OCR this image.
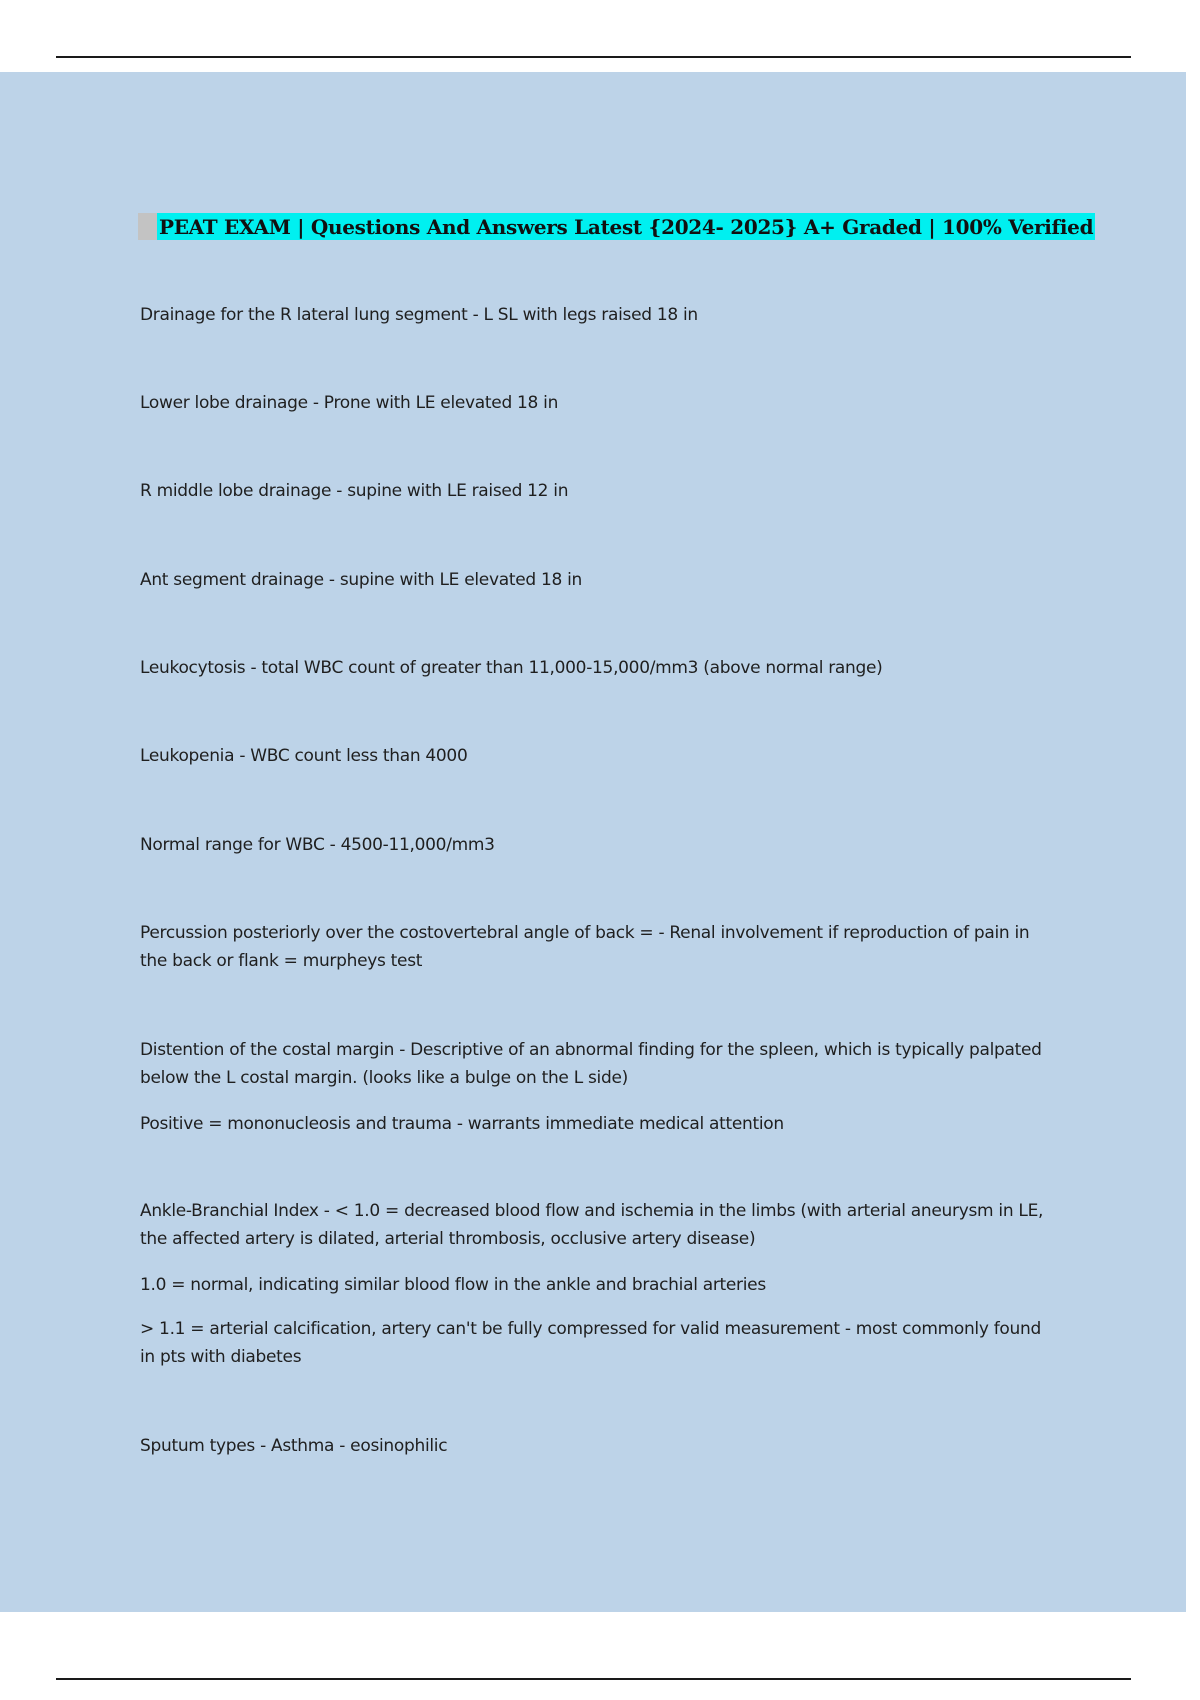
PEAT EXAM | Questions And Answers Latest {2024- 2025} A+ Graded | 100% Verified
Drainage for the R lateral lung segment - L SL with legs raised 18 in
Lower lobe drainage - Prone with LE elevated 18 in
R middle lobe drainage - supine with LE raised 12 in
Ant segment drainage - supine with LE elevated 18 in
Leukocytosis - total WBC count of greater than 11,000-15,000/mm3 (above normal range)
Leukopenia - WBC count less than 4000
Normal range for WBC - 4500-11,000/mm3
Percussion posteriorly over the costovertebral angle of back = - Renal involvement if reproduction of pain in the back or flank = murpheys test
Distention of the costal margin - Descriptive of an abnormal finding for the spleen, which is typically palpated below the L costal margin. (looks like a bulge on the L side)
Positive = mononucleosis and trauma - warrants immediate medical attention
Ankle-Branchial Index - < 1.0 = decreased blood flow and ischemia in the limbs (with arterial aneurysm in LE, the affected artery is dilated, arterial thrombosis, occlusive artery disease)
1.0 = normal, indicating similar blood flow in the ankle and brachial arteries
> 1.1 = arterial calcification, artery can't be fully compressed for valid measurement - most commonly found in pts with diabetes
Sputum types - Asthma - eosinophilic
